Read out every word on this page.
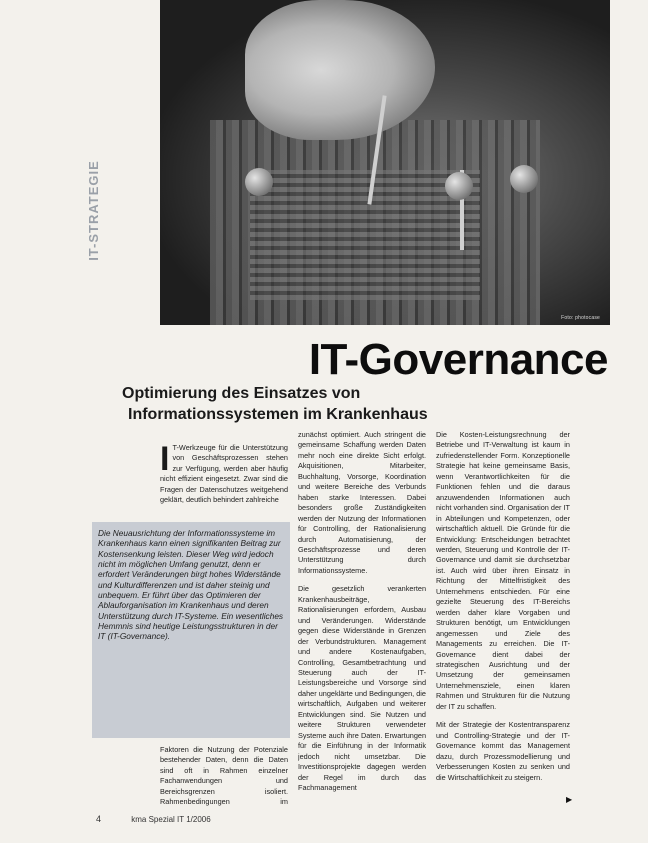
Foto: photocase
IT-STRATEGIE
IT-Governance
Optimierung des Einsatzes von
Informationssystemen im Krankenhaus
I T-Werkzeuge für die Unterstützung von Geschäftsprozessen stehen zur Verfügung, werden aber häufig nicht effizient eingesetzt. Zwar sind die Fragen der Datenschutzes weitgehend geklärt, deutlich behindert zahlreiche
Die Neuausrichtung der Informationssysteme im Krankenhaus kann einen signifikanten Beitrag zur Kostensenkung leisten. Dieser Weg wird jedoch nicht im möglichen Umfang genutzt, denn er erfordert Veränderungen birgt hohes Widerstände und Kulturdifferenzen und ist daher steinig und unbequem. Er führt über das Optimieren der Ablauforganisation im Krankenhaus und deren Unterstützung durch IT-Systeme. Ein wesentliches Hemmnis sind heutige Leistungsstrukturen in der IT (IT-Governance).
Faktoren die Nutzung der Potenziale bestehender Daten, denn die Daten sind oft in Rahmen einzelner Fachanwendungen und Bereichsgrenzen isoliert. Rahmenbedingungen im

zunächst optimiert. Auch stringent die gemeinsame Schaffung werden Daten mehr noch eine direkte Sicht erfolgt. Akquisitionen, Mitarbeiter, Buchhaltung, Vorsorge, Koordination und weitere Bereiche des Verbunds haben starke Interessen. Dabei besonders große Zuständigkeiten werden der Nutzung der Informationen für Controlling, der Rationalisierung durch Automatisierung, der Geschäftsprozesse und deren Unterstützung durch Informationssysteme.

Die gesetzlich verankerten Krankenhausbeiträge, Rationalisierungen erfordern, Ausbau und Veränderungen. Widerstände gegen diese Widerstände in Grenzen der Verbundstrukturen. Management und andere Kostenaufgaben, Controlling, Gesamtbetrachtung und Steuerung auch der IT-Leistungsbereiche und Vorsorge sind daher ungeklärte und Bedingungen, die wirtschaftlich, Aufgaben und weiterer Entwicklungen sind. Sie Nutzen und weitere Strukturen verwendeter Systeme auch ihre Daten. Erwartungen für die Einführung in der Informatik jedoch nicht umsetzbar. Die Investitionsprojekte dagegen werden der Regel im durch das Fachmanagement

Die Kosten-Leistungsrechnung der Betriebe und IT-Verwaltung ist kaum in zufriedenstellender Form. Konzeptionelle Strategie hat keine gemeinsame Basis, wenn Verantwortlichkeiten für die Funktionen fehlen und die daraus anzuwendenden Informationen auch nicht vorhanden sind. Organisation der IT in Abteilungen und Kompetenzen, oder wirtschaftlich aktuell. Die Gründe für die Entwicklung: Entscheidungen betrachtet werden, Steuerung und Kontrolle der IT-Governance und damit sie durchsetzbar ist. Auch wird über ihren Einsatz in Richtung der Mittelfristigkeit des Unternehmens entschieden. Für eine gezielte Steuerung des IT-Bereichs werden daher klare Vorgaben und Strukturen benötigt, um Entwicklungen angemessen und Ziele des Managements zu erreichen. Die IT-Governance dient dabei der strategischen Ausrichtung und der Umsetzung der gemeinsamen Unternehmensziele, einen klaren Rahmen und Strukturen für die Nutzung der IT zu schaffen.

Mit der Strategie der Kostentransparenz und Controlling-Strategie und der IT-Governance kommt das Management dazu, durch Prozessmodellierung und Verbesserungen Kosten zu senken und die Wirtschaftlichkeit zu steigern.

▶
4	kma Spezial IT 1/2006
